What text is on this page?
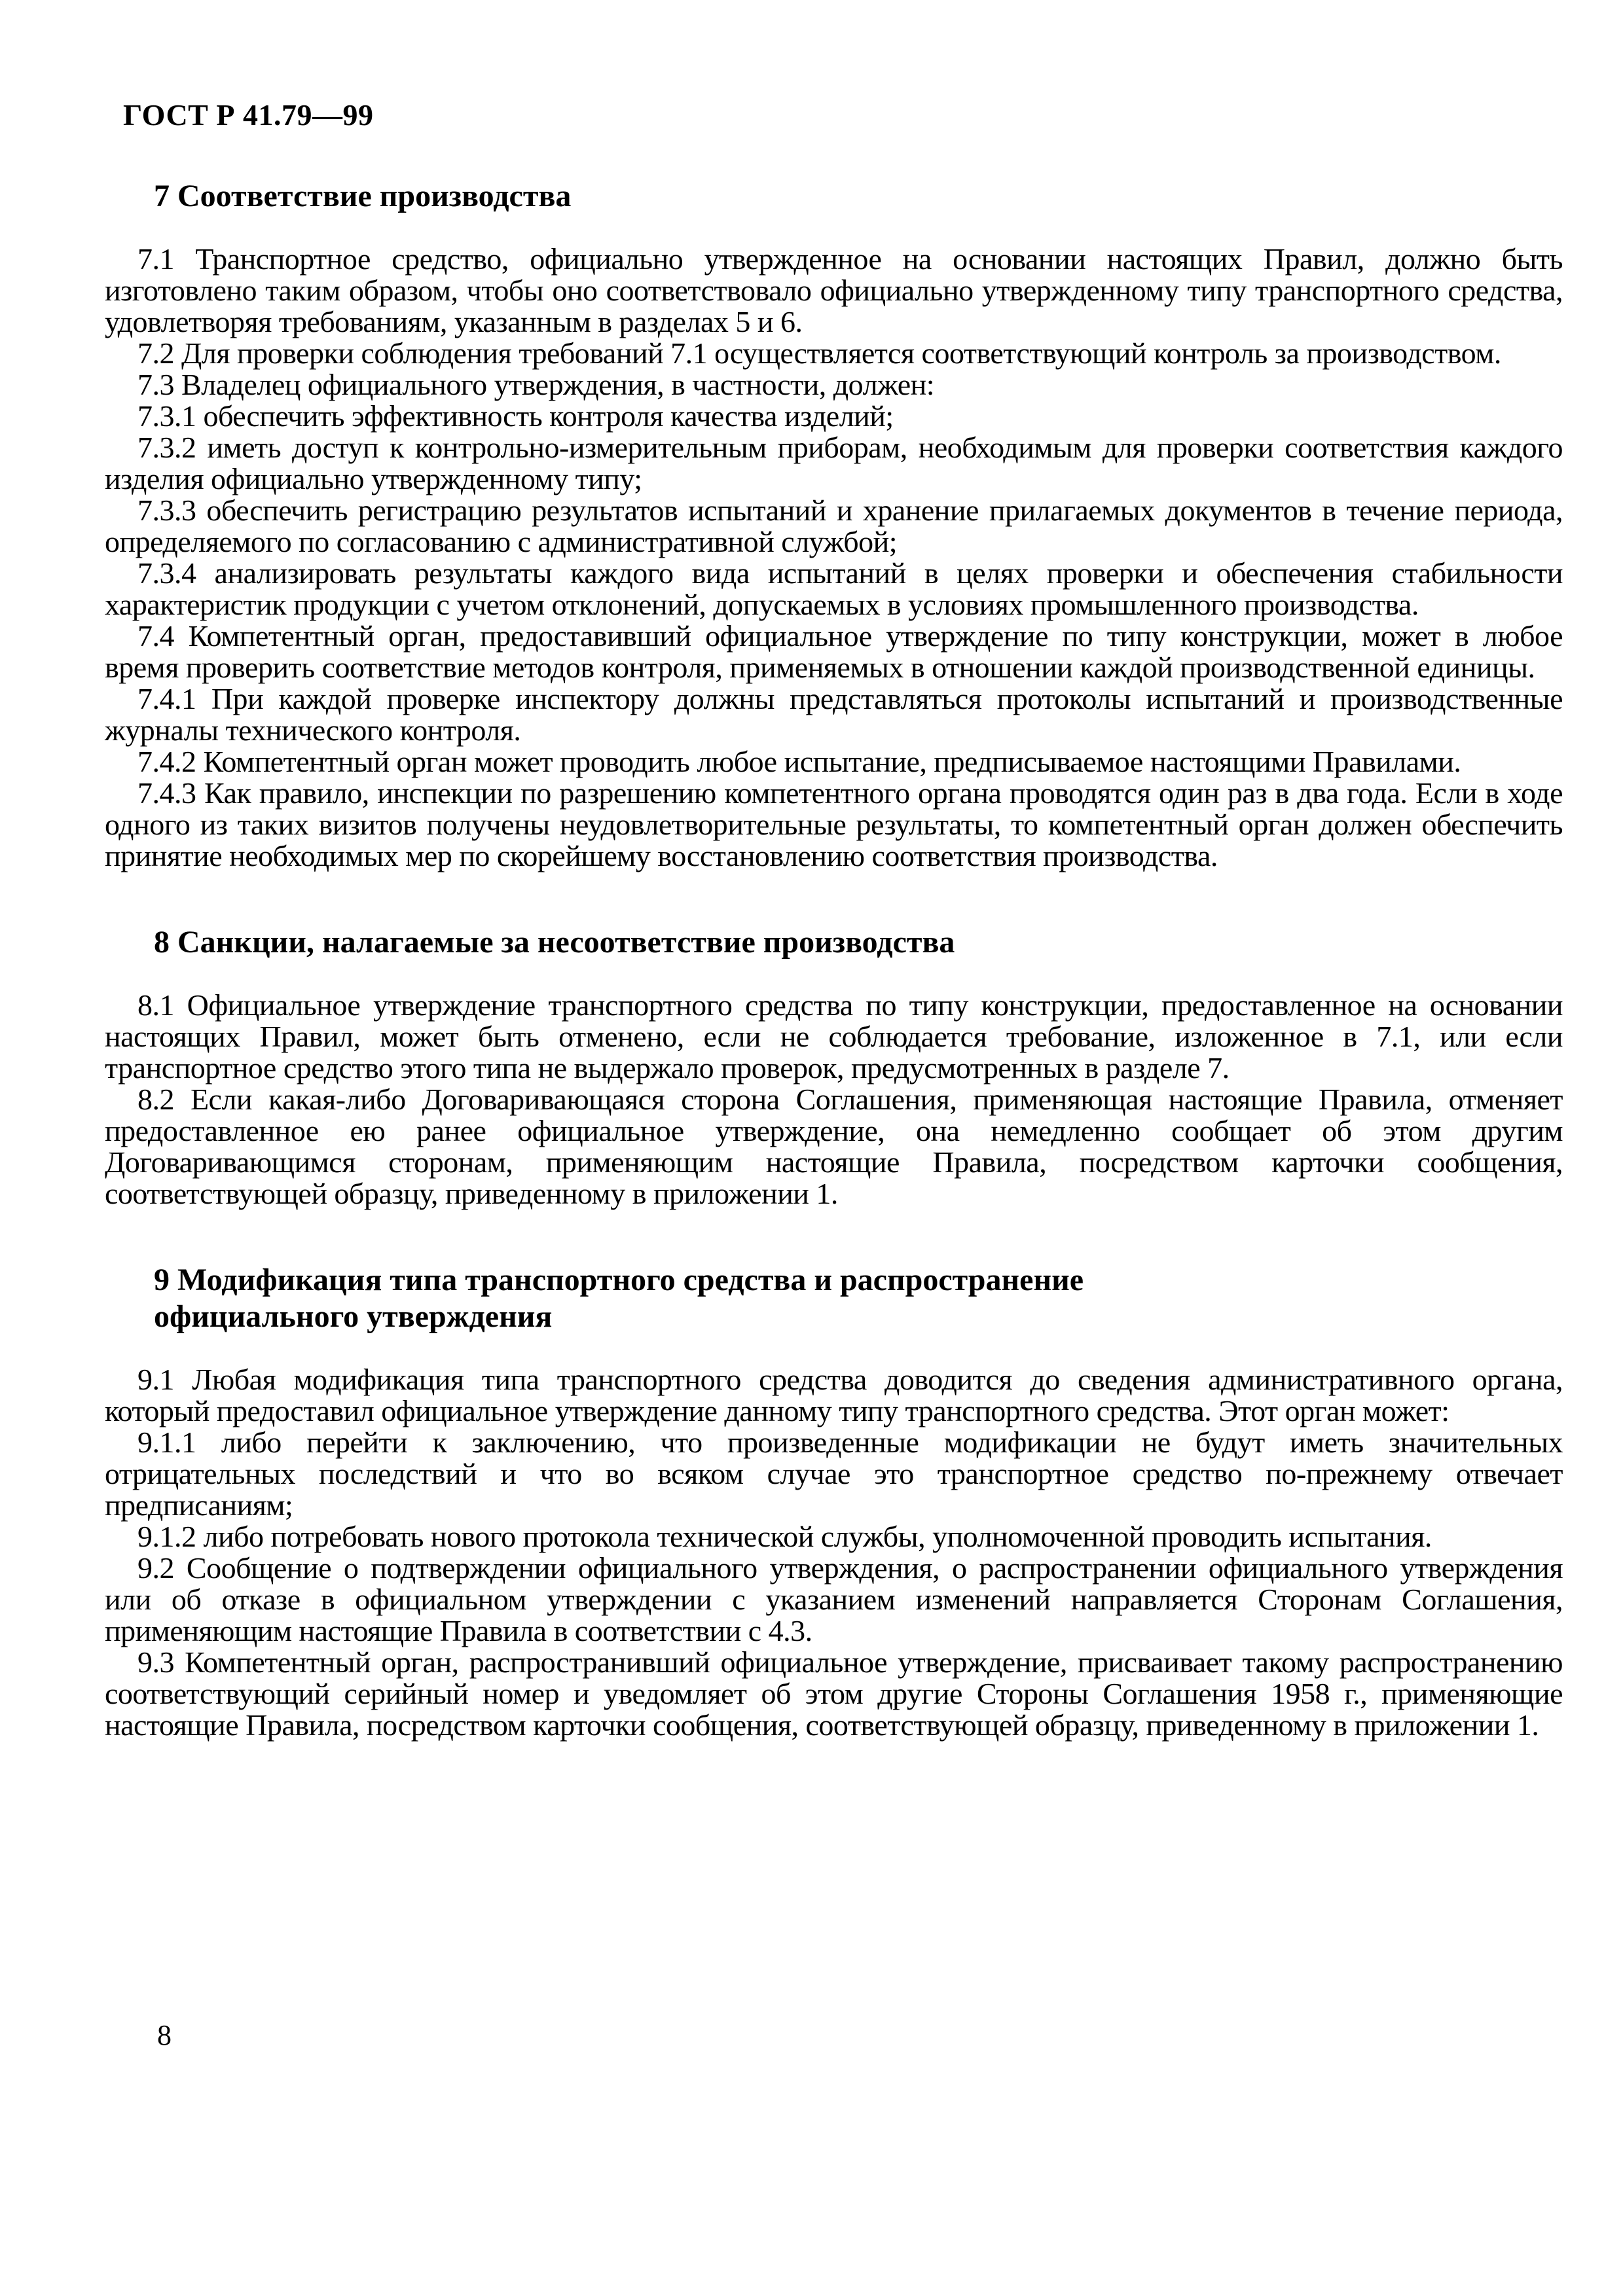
ГОСТ Р 41.79—99
7 Соответствие производства

7.1 Транспортное средство, официально утвержденное на основании настоящих Правил, должно быть изготовлено таким образом, чтобы оно соответствовало официально утвержденному типу транспортного средства, удовлетворяя требованиям, указанным в разделах 5 и 6.

7.2 Для проверки соблюдения требований 7.1 осуществляется соответствующий контроль за производством.

7.3 Владелец официального утверждения, в частности, должен:

7.3.1 обеспечить эффективность контроля качества изделий;

7.3.2 иметь доступ к контрольно-измерительным приборам, необходимым для проверки соответствия каждого изделия официально утвержденному типу;

7.3.3 обеспечить регистрацию результатов испытаний и хранение прилагаемых документов в течение периода, определяемого по согласованию с административной службой;

7.3.4 анализировать результаты каждого вида испытаний в целях проверки и обеспечения стабильности характеристик продукции с учетом отклонений, допускаемых в условиях промышленного производства.

7.4 Компетентный орган, предоставивший официальное утверждение по типу конструкции, может в любое время проверить соответствие методов контроля, применяемых в отношении каждой производственной единицы.

7.4.1 При каждой проверке инспектору должны представляться протоколы испытаний и производственные журналы технического контроля.

7.4.2 Компетентный орган может проводить любое испытание, предписываемое настоящими Правилами.

7.4.3 Как правило, инспекции по разрешению компетентного органа проводятся один раз в два года. Если в ходе одного из таких визитов получены неудовлетворительные результаты, то компетентный орган должен обеспечить принятие необходимых мер по скорейшему восстановлению соответствия производства.

8 Санкции, налагаемые за несоответствие производства

8.1 Официальное утверждение транспортного средства по типу конструкции, предоставленное на основании настоящих Правил, может быть отменено, если не соблюдается требование, изложенное в 7.1, или если транспортное средство этого типа не выдержало проверок, предусмотренных в разделе 7.

8.2 Если какая-либо Договаривающаяся сторона Соглашения, применяющая настоящие Правила, отменяет предоставленное ею ранее официальное утверждение, она немедленно сообщает об этом другим Договаривающимся сторонам, применяющим настоящие Правила, посредством карточки сообщения, соответствующей образцу, приведенному в приложении 1.

9 Модификация типа транспортного средства и распространение
официального утверждения

9.1 Любая модификация типа транспортного средства доводится до сведения административного органа, который предоставил официальное утверждение данному типу транспортного средства. Этот орган может:

9.1.1 либо перейти к заключению, что произведенные модификации не будут иметь значительных отрицательных последствий и что во всяком случае это транспортное средство по-прежнему отвечает предписаниям;

9.1.2 либо потребовать нового протокола технической службы, уполномоченной проводить испытания.

9.2 Сообщение о подтверждении официального утверждения, о распространении официального утверждения или об отказе в официальном утверждении с указанием изменений направляется Сторонам Соглашения, применяющим настоящие Правила в соответствии с 4.3.

9.3 Компетентный орган, распространивший официальное утверждение, присваивает такому распространению соответствующий серийный номер и уведомляет об этом другие Стороны Соглашения 1958 г., применяющие настоящие Правила, посредством карточки сообщения, соответствующей образцу, приведенному в приложении 1.

8
